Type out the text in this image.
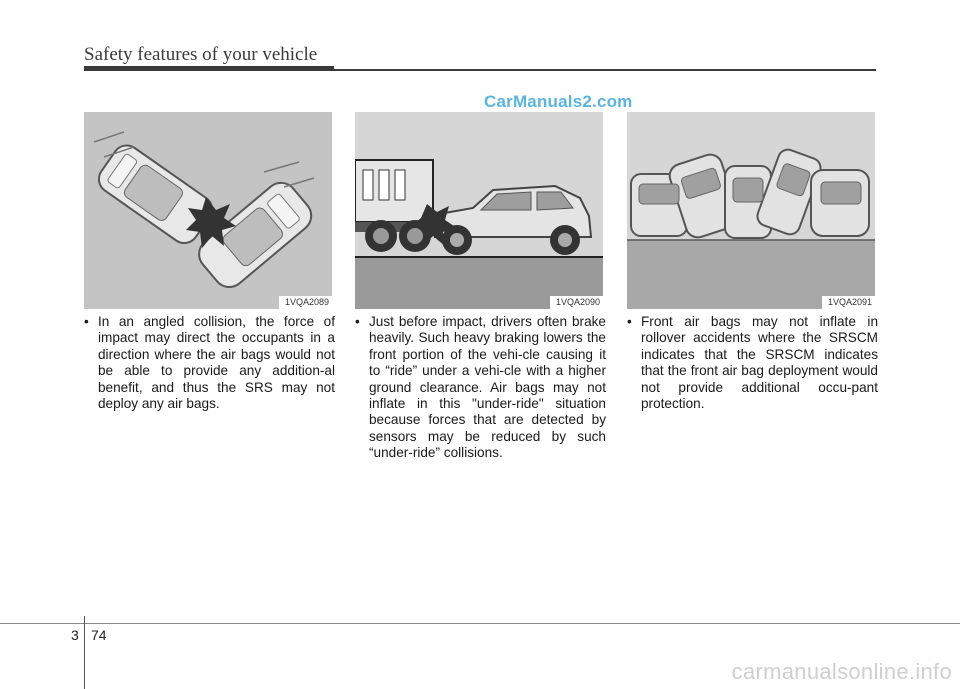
Safety features of your vehicle
CarManuals2.com
1VQA2089	1VQA2090	1VQA2091
• In an angled collision, the force of impact may direct the occupants in a direction where the air bags would not be able to provide any addition-al benefit, and thus the SRS may not deploy any air bags.
• Just before impact, drivers often brake heavily. Such heavy braking lowers the front portion of the vehi-cle causing it to “ride” under a vehi-cle with a higher ground clearance. Air bags may not inflate in this "under-ride" situation because forces that are detected by sensors may be reduced by such “under-ride” collisions.
• Front air bags may not inflate in rollover accidents where the SRSCM indicates that the SRSCM indicates that the front air bag deployment would not provide additional occu-pant protection.
3 74
carmanualsonline.info
